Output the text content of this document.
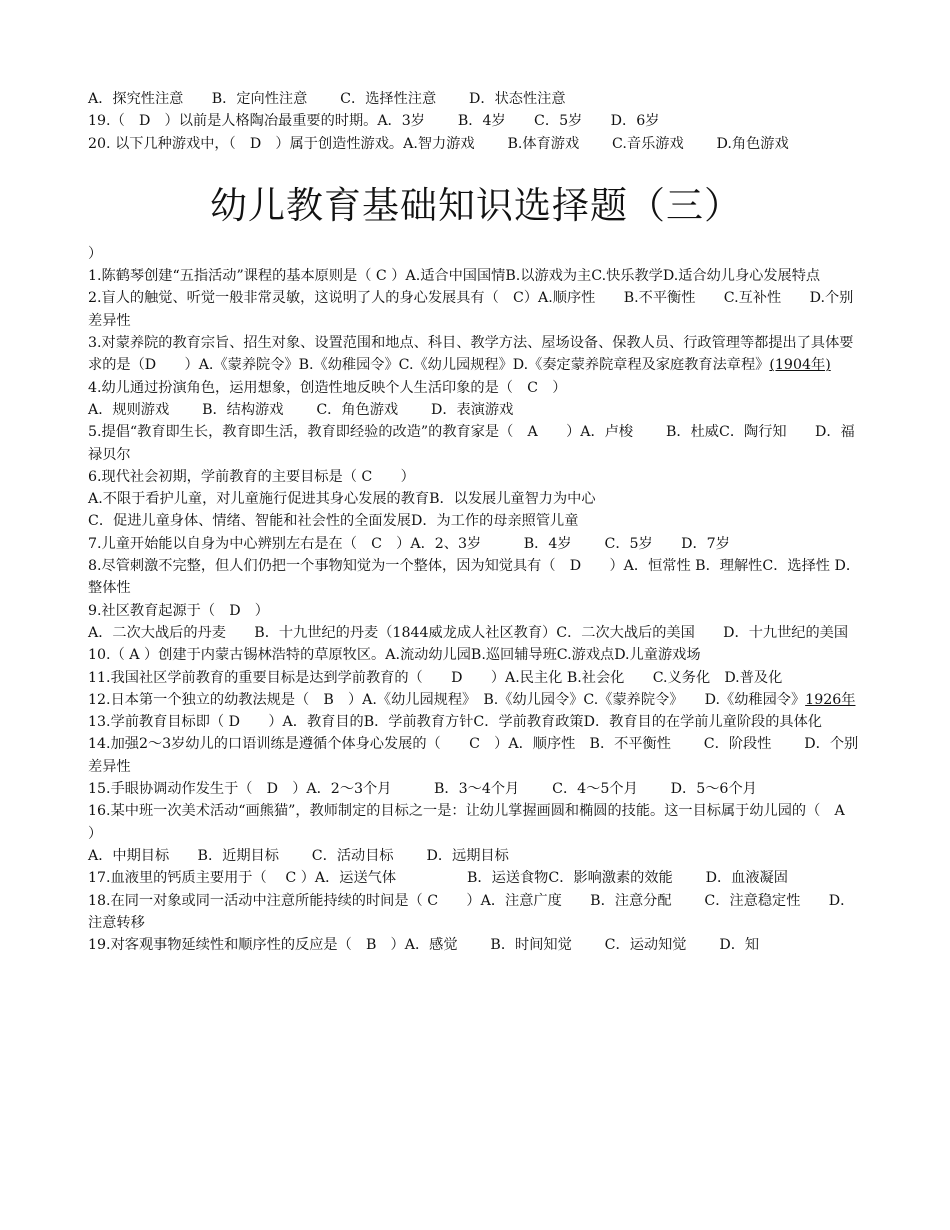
A．探究性注意　　B．定向性注意　　 C．选择性注意　　 D．状态性注意
19.（　D　）以前是人格陶冶最重要的时期。A．3岁　　 B．4岁　　C．5岁　　D．6岁
20. 以下几种游戏中，（　D　）属于创造性游戏。A.智力游戏　　 B.体育游戏　　 C.音乐游戏　　 D.角色游戏
幼儿教育基础知识选择题（三）
）
1.陈鹤琴创建“五指活动”课程的基本原则是（ C ）A.适合中国国情B.以游戏为主C.快乐教学D.适合幼儿身心发展特点
2.盲人的触觉、听觉一般非常灵敏，这说明了人的身心发展具有（　C）A.顺序性　　B.不平衡性　　C.互补性　　D.个别差异性
3.对蒙养院的教育宗旨、招生对象、设置范围和地点、科目、教学方法、屋场设备、保教人员、行政管理等都提出了具体要求的是（D　　）A.《蒙养院令》B.《幼稚园令》C.《幼儿园规程》D.《奏定蒙养院章程及家庭教育法章程》(1904年)
4.幼儿通过扮演角色，运用想象，创造性地反映个人生活印象的是（　C　）
A．规则游戏　　 B．结构游戏　　 C．角色游戏　　 D．表演游戏
5.提倡“教育即生长，教育即生活，教育即经验的改造”的教育家是（　A　　）A．卢梭　　 B．杜威C．陶行知　　D．福禄贝尔
6.现代社会初期，学前教育的主要目标是（ C　　）
A.不限于看护儿童，对儿童施行促进其身心发展的教育B．以发展儿童智力为中心
C．促进儿童身体、情绪、智能和社会性的全面发展D．为工作的母亲照管儿童
7.儿童开始能以自身为中心辨别左右是在（　C　）A．2、3岁　　　B．4岁　　 C．5岁　　D．7岁
8.尽管刺激不完整，但人们仍把一个事物知觉为一个整体，因为知觉具有（　D　　）A．恒常性 B．理解性C．选择性 D．整体性
9.社区教育起源于（　D　）
A．二次大战后的丹麦　　B．十九世纪的丹麦（1844威龙成人社区教育）C．二次大战后的美国　　D．十九世纪的美国
10.（ A ）创建于内蒙古锡林浩特的草原牧区。A.流动幼儿园B.巡回辅导班C.游戏点D.儿童游戏场
11.我国社区学前教育的重要目标是达到学前教育的（　　D　　）A.民主化 B.社会化　　C.义务化　D.普及化
12.日本第一个独立的幼教法规是（　B　）A.《幼儿园规程》　B.《幼儿园令》C.《蒙养院令》　　D.《幼稚园令》1926年
13.学前教育目标即（ D　　）A．教育目的B．学前教育方针C．学前教育政策D．教育目的在学前儿童阶段的具体化
14.加强2～3岁幼儿的口语训练是遵循个体身心发展的（　　C　）A．顺序性　B．不平衡性　　 C．阶段性　　 D．个别差异性
15.手眼协调动作发生于（　D　）A．2～3个月　　　B．3～4个月　　 C．4～5个月　　 D．5～6个月
16.某中班一次美术活动“画熊猫”，教师制定的目标之一是：让幼儿掌握画圆和椭圆的技能。这一目标属于幼儿园的（　A　）
A．中期目标　　B．近期目标　　 C．活动目标　　 D．远期目标
17.血液里的钙质主要用于（　 C ）A．运送气体　　　　　B．运送食物C．影响激素的效能　　 D．血液凝固
18.在同一对象或同一活动中注意所能持续的时间是（ C　　）A．注意广度　　B．注意分配　　 C．注意稳定性　　D．注意转移
19.对客观事物延续性和顺序性的反应是（　B　）A．感觉　　 B．时间知觉　　 C．运动知觉　　 D．知
